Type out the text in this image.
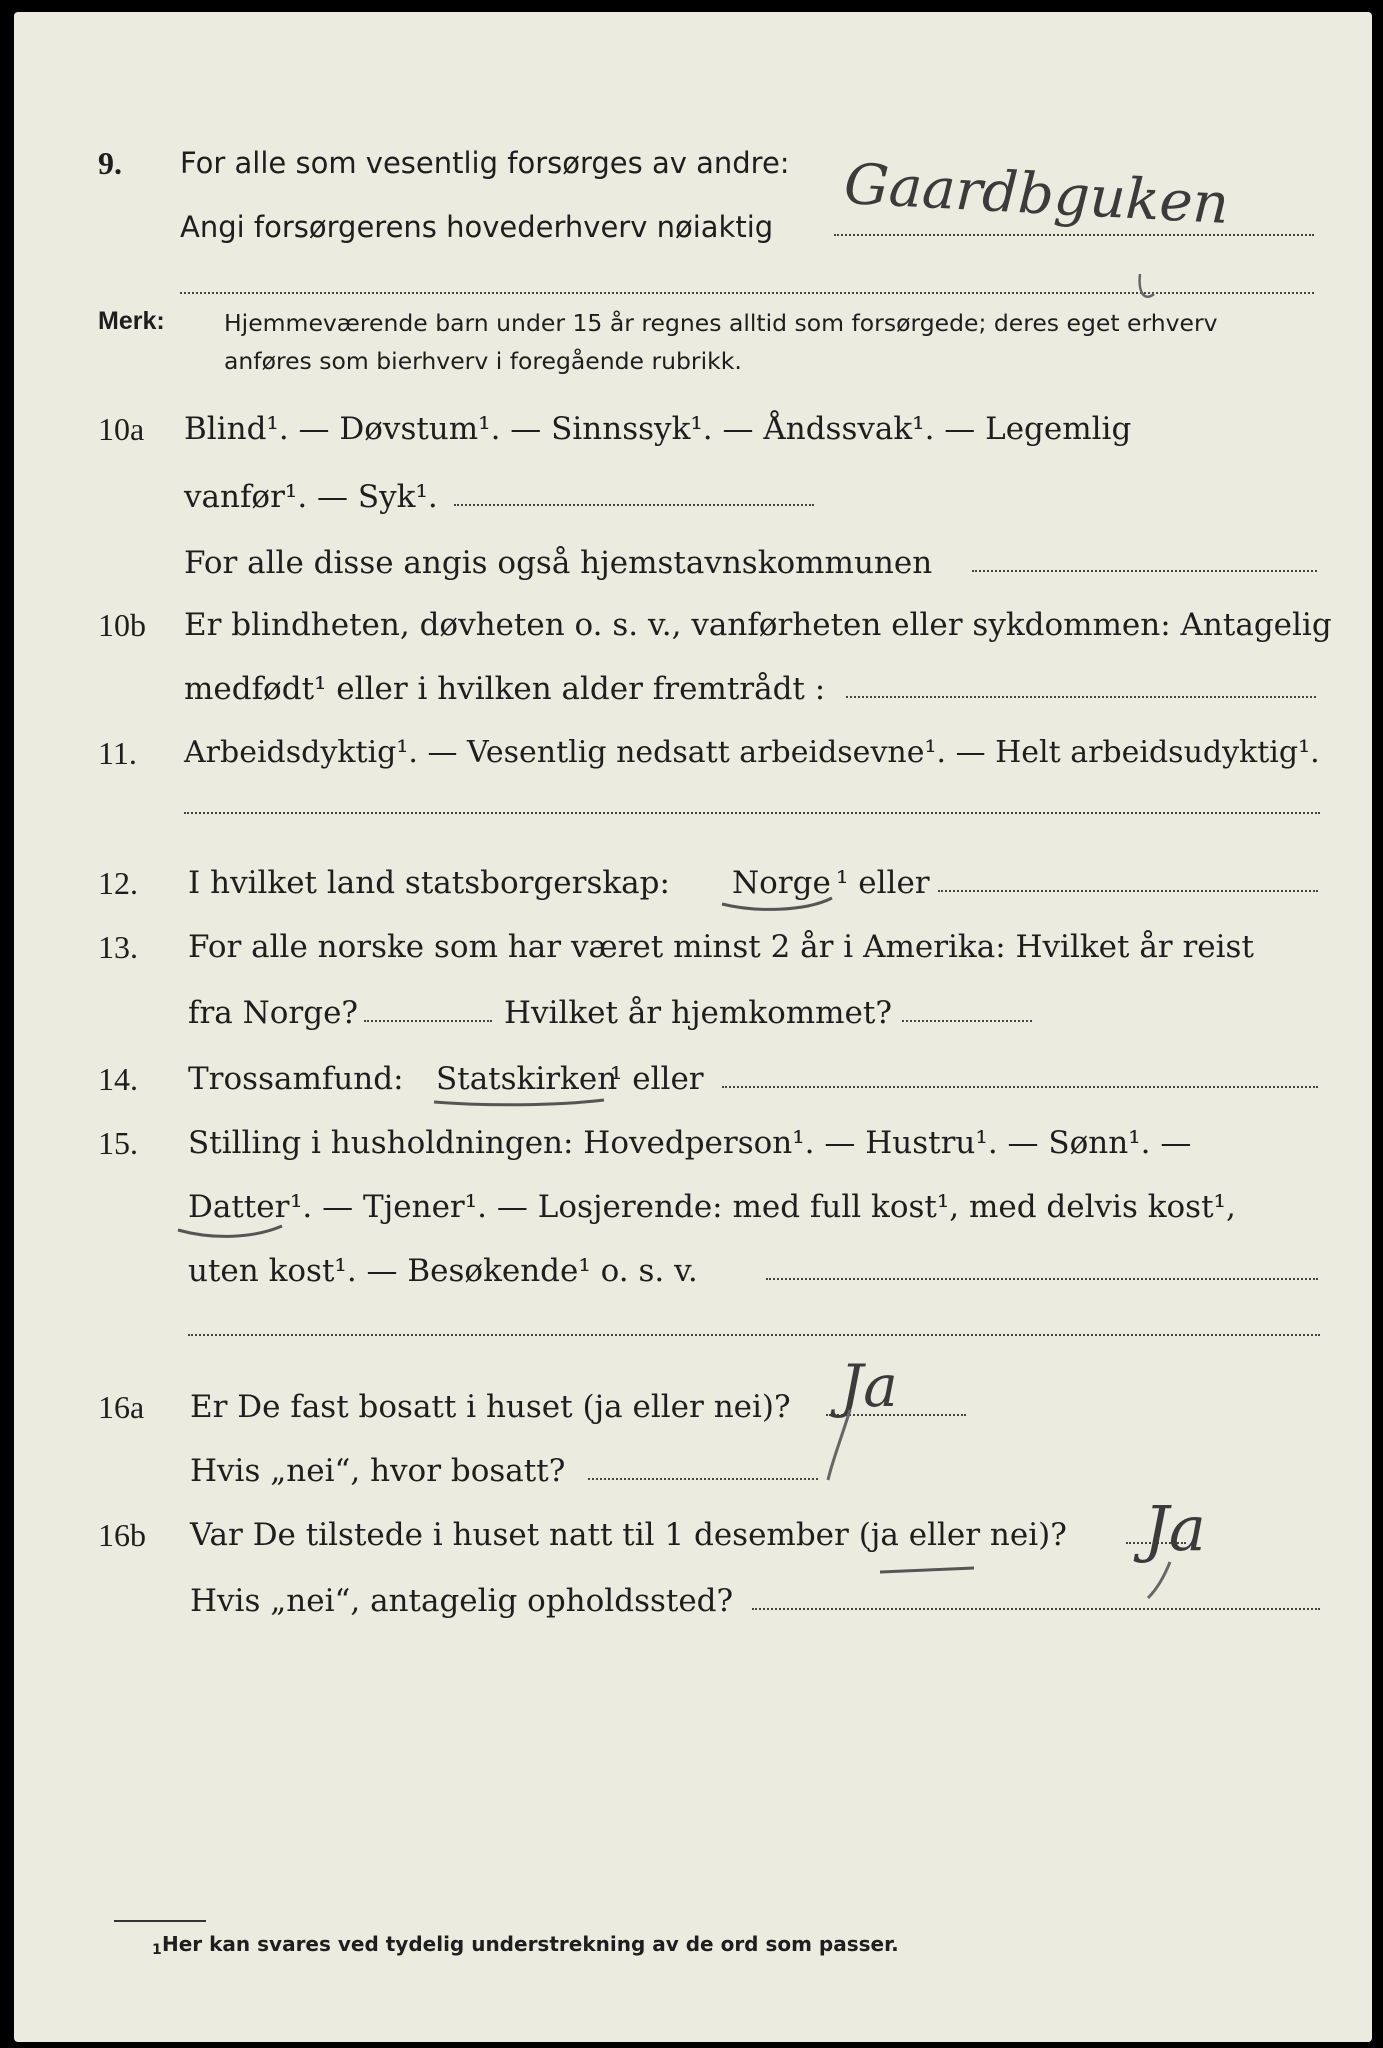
9. For alle som vesentlig forsørges av andre:
Angi forsørgerens hovederhverv nøiaktig Gaardbguken
Merk:	Hjemmeværende barn under 15 år regnes alltid som forsørgede; deres eget erhverv
anføres som bierhverv i foregående rubrikk.
10a Blind¹. — Døvstum¹. — Sinnssyk¹. — Åndssvak¹. — Legemlig
vanfør¹. — Syk¹.
For alle disse angis også hjemstavnskommunen
10b Er blindheten, døvheten o. s. v., vanførheten eller sykdommen: Antagelig
medfødt¹ eller i hvilken alder fremtrådt :
11. Arbeidsdyktig¹. — Vesentlig nedsatt arbeidsevne¹. — Helt arbeidsudyktig¹.
12. I hvilket land statsborgerskap: Norge ¹ eller
13. For alle norske som har været minst 2 år i Amerika: Hvilket år reist
fra Norge?	Hvilket år hjemkommet?
14. Trossamfund: Statskirken
¹ eller
15. Stilling i husholdningen: Hovedperson¹. — Hustru¹. — Sønn¹. —
Datter ¹. — Tjener¹. — Losjerende: med full kost¹, med delvis kost¹,
uten kost¹. — Besøkende¹ o. s. v.
16a Er De fast bosatt i huset (ja eller nei)? Ja
Hvis „nei“, hvor bosatt?
16b Var De tilstede i huset natt til 1 desember (ja eller nei)? Ja
Hvis „nei“, antagelig opholdssted?
1 Her kan svares ved tydelig understrekning av de ord som passer.
